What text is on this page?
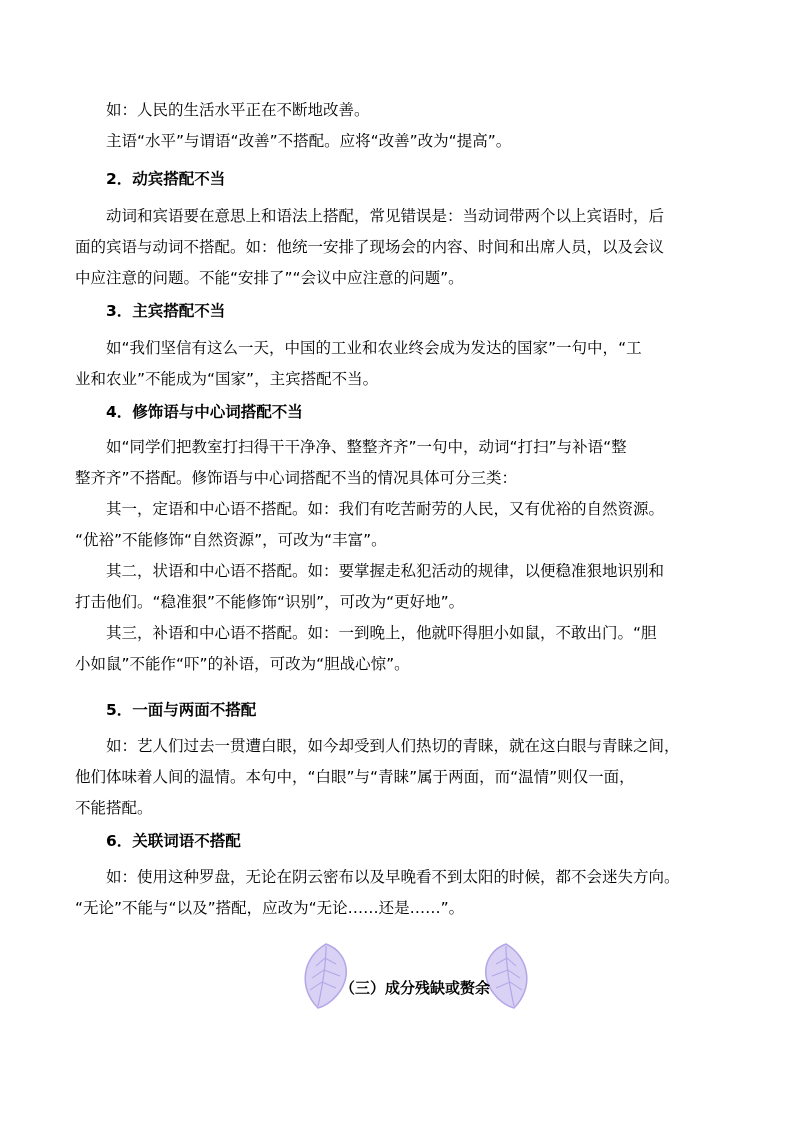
如：人民的生活水平正在不断地改善。
主语“水平”与谓语“改善”不搭配。应将“改善”改为“提高”。
2．动宾搭配不当
动词和宾语要在意思上和语法上搭配，常见错误是：当动词带两个以上宾语时，后
面的宾语与动词不搭配。如：他统一安排了现场会的内容、时间和出席人员，以及会议
中应注意的问题。不能“安排了”“会议中应注意的问题”。
3．主宾搭配不当
如“我们坚信有这么一天，中国的工业和农业终会成为发达的国家”一句中，“工
业和农业”不能成为“国家”，主宾搭配不当。
4．修饰语与中心词搭配不当
如“同学们把教室打扫得干干净净、整整齐齐”一句中，动词“打扫”与补语“整
整齐齐”不搭配。修饰语与中心词搭配不当的情况具体可分三类：
其一，定语和中心语不搭配。如：我们有吃苦耐劳的人民，又有优裕的自然资源。
“优裕”不能修饰“自然资源”，可改为“丰富”。
其二，状语和中心语不搭配。如：要掌握走私犯活动的规律，以便稳准狠地识别和
打击他们。“稳准狠”不能修饰“识别”，可改为“更好地”。
其三，补语和中心语不搭配。如：一到晚上，他就吓得胆小如鼠，不敢出门。“胆
小如鼠”不能作“吓”的补语，可改为“胆战心惊”。
5．一面与两面不搭配
如：艺人们过去一贯遭白眼，如今却受到人们热切的青睐，就在这白眼与青睐之间，
他们体味着人间的温情。本句中，“白眼”与“青睐”属于两面，而“温情”则仅一面，
不能搭配。
6．关联词语不搭配
如：使用这种罗盘，无论在阴云密布以及早晚看不到太阳的时候，都不会迷失方向。
“无论”不能与“以及”搭配，应改为“无论……还是……”。
（三）成分残缺或赘余
